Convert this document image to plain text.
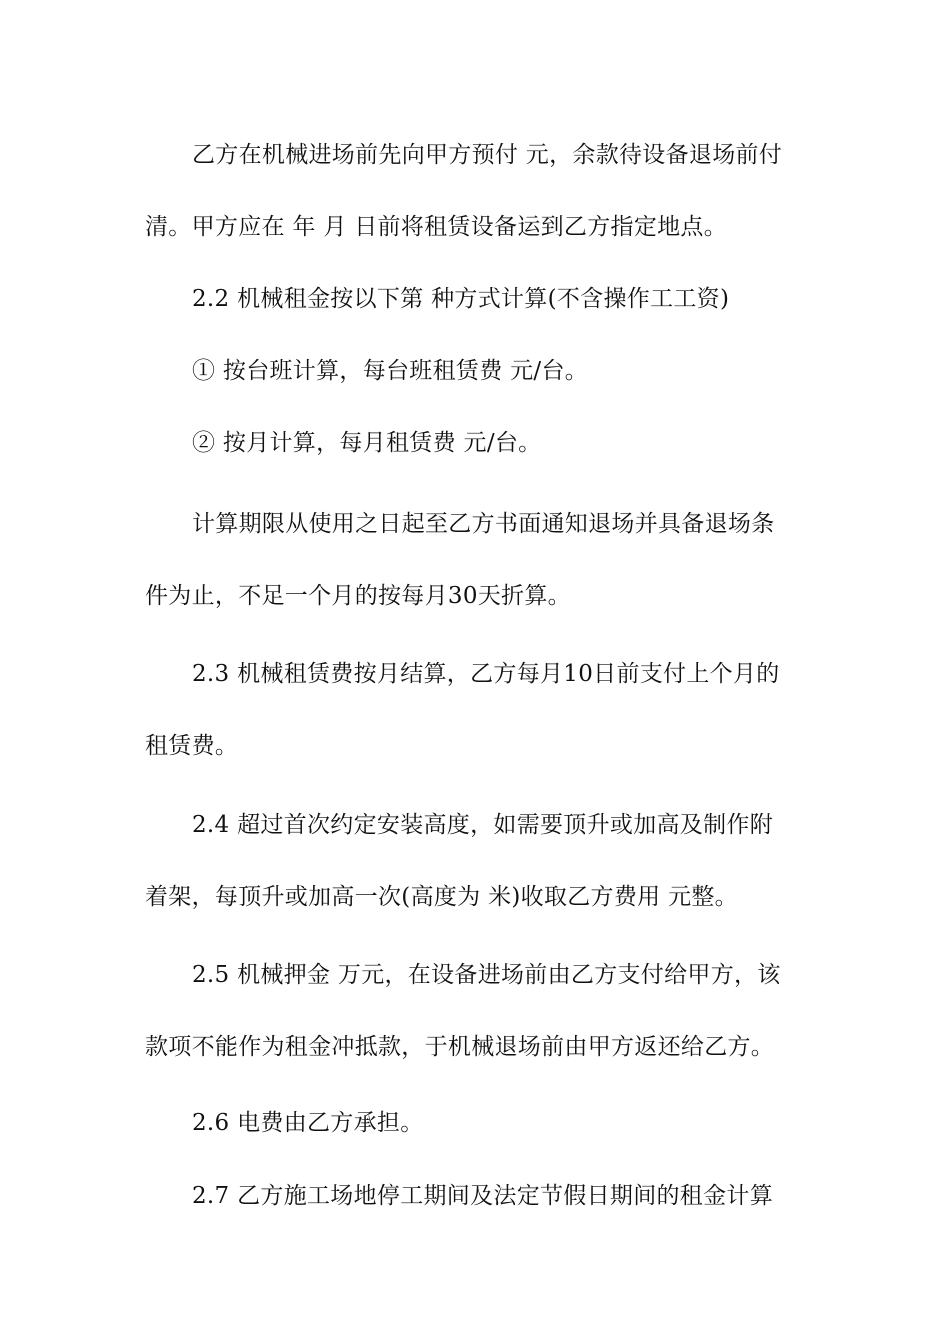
乙方在机械进场前先向甲方预付 元，余款待设备退场前付
清。甲方应在 年 月 日前将租赁设备运到乙方指定地点。
2.2 机械租金按以下第 种方式计算(不含操作工工资)
① 按台班计算，每台班租赁费 元/台。
② 按月计算，每月租赁费 元/台。
计算期限从使用之日起至乙方书面通知退场并具备退场条
件为止，不足一个月的按每月30天折算。
2.3 机械租赁费按月结算，乙方每月10日前支付上个月的
租赁费。
2.4 超过首次约定安装高度，如需要顶升或加高及制作附
着架，每顶升或加高一次(高度为 米)收取乙方费用 元整。
2.5 机械押金 万元，在设备进场前由乙方支付给甲方，该
款项不能作为租金冲抵款，于机械退场前由甲方返还给乙方。
2.6 电费由乙方承担。
2.7 乙方施工场地停工期间及法定节假日期间的租金计算
